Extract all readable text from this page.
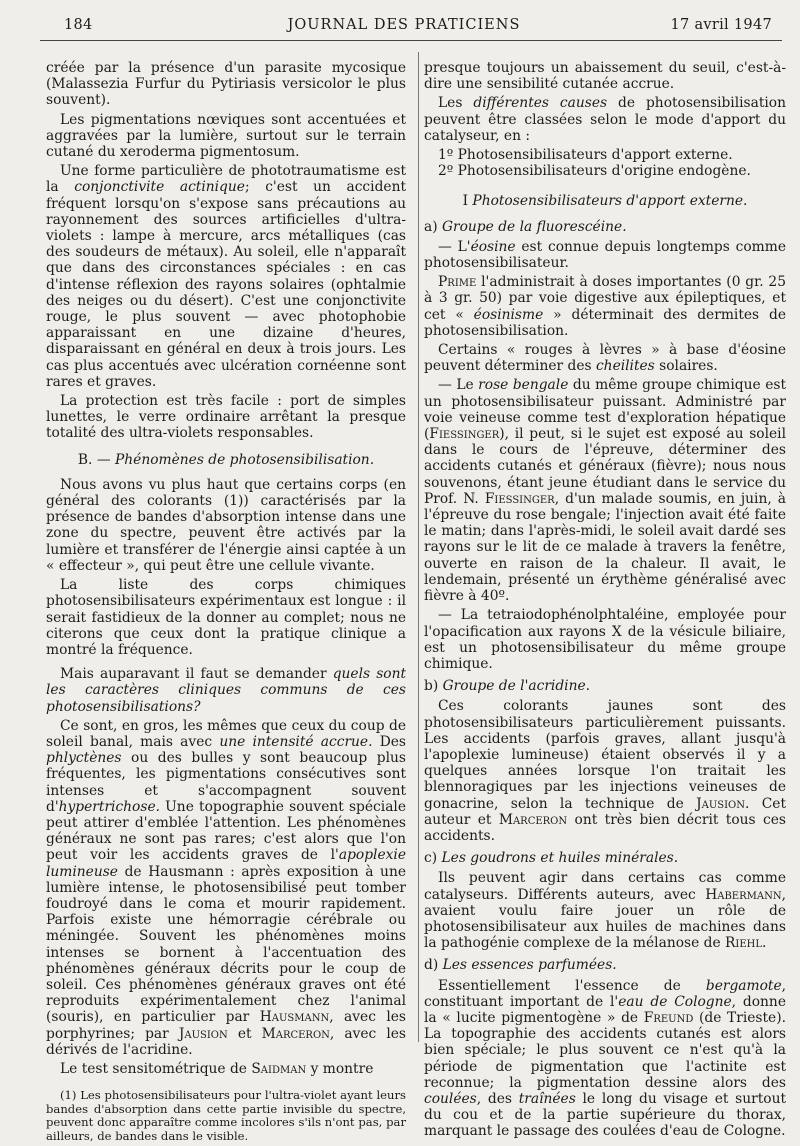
184	JOURNAL DES PRATICIENS	17 avril 1947

créée par la présence d'un parasite mycosique (Malassezia Furfur du Pytiriasis versicolor le plus souvent).

Les pigmentations nœviques sont accentuées et aggravées par la lumière, surtout sur le terrain cutané du xeroderma pigmentosum.

Une forme particulière de phototraumatisme est la conjonctivite actinique; c'est un accident fréquent lorsqu'on s'expose sans précautions au rayonnement des sources artificielles d'ultra-violets : lampe à mercure, arcs métalliques (cas des soudeurs de métaux). Au soleil, elle n'apparaît que dans des circonstances spéciales : en cas d'intense réflexion des rayons solaires (ophtalmie des neiges ou du désert). C'est une conjonctivite rouge, le plus souvent — avec photophobie apparaissant en une dizaine d'heures, disparaissant en général en deux à trois jours. Les cas plus accentués avec ulcération cornéenne sont rares et graves.

La protection est très facile : port de simples lunettes, le verre ordinaire arrêtant la presque totalité des ultra-violets responsables.

B. — Phénomènes de photosensibilisation.

Nous avons vu plus haut que certains corps (en général des colorants (1)) caractérisés par la présence de bandes d'absorption intense dans une zone du spectre, peuvent être activés par la lumière et transférer de l'énergie ainsi captée à un « effecteur », qui peut être une cellule vivante.

La liste des corps chimiques photosensibilisateurs expérimentaux est longue : il serait fastidieux de la donner au complet; nous ne citerons que ceux dont la pratique clinique a montré la fréquence.

Mais auparavant il faut se demander quels sont les caractères cliniques communs de ces photosensibilisations?

Ce sont, en gros, les mêmes que ceux du coup de soleil banal, mais avec une intensité accrue. Des phlyctènes ou des bulles y sont beaucoup plus fréquentes, les pigmentations consécutives sont intenses et s'accompagnent souvent d'hypertrichose. Une topographie souvent spéciale peut attirer d'emblée l'attention. Les phénomènes généraux ne sont pas rares; c'est alors que l'on peut voir les accidents graves de l'apoplexie lumineuse de Hausmann : après exposition à une lumière intense, le photosensibilisé peut tomber foudroyé dans le coma et mourir rapidement. Parfois existe une hémorragie cérébrale ou méningée. Souvent les phénomènes moins intenses se bornent à l'accentuation des phénomènes généraux décrits pour le coup de soleil. Ces phénomènes généraux graves ont été reproduits expérimentalement chez l'animal (souris), en particulier par Hausmann, avec les porphyrines; par Jausion et Marceron, avec les dérivés de l'acridine.

Le test sensitométrique de Saidman y montre

(1) Les photosensibilisateurs pour l'ultra-violet ayant leurs bandes d'absorption dans cette partie invisible du spectre, peuvent donc apparaître comme incolores s'ils n'ont pas, par ailleurs, de bandes dans le visible.

presque toujours un abaissement du seuil, c'est-à-dire une sensibilité cutanée accrue.

Les différentes causes de photosensibilisation peuvent être classées selon le mode d'apport du catalyseur, en :

1º Photosensibilisateurs d'apport externe.

2º Photosensibilisateurs d'origine endogène.

I Photosensibilisateurs d'apport externe.

a) Groupe de la fluorescéine.

— L'éosine est connue depuis longtemps comme photosensibilisateur.

Prime l'administrait à doses importantes (0 gr. 25 à 3 gr. 50) par voie digestive aux épileptiques, et cet « éosinisme » déterminait des dermites de photosensibilisation.

Certains « rouges à lèvres » à base d'éosine peuvent déterminer des cheilites solaires.

— Le rose bengale du même groupe chimique est un photosensibilisateur puissant. Administré par voie veineuse comme test d'exploration hépatique (Fiessinger), il peut, si le sujet est exposé au soleil dans le cours de l'épreuve, déterminer des accidents cutanés et généraux (fièvre); nous nous souvenons, étant jeune étudiant dans le service du Prof. N. Fiessinger, d'un malade soumis, en juin, à l'épreuve du rose bengale; l'injection avait été faite le matin; dans l'après-midi, le soleil avait dardé ses rayons sur le lit de ce malade à travers la fenêtre, ouverte en raison de la chaleur. Il avait, le lendemain, présenté un érythème généralisé avec fièvre à 40º.

— La tetraiodophénolphtaléine, employée pour l'opacification aux rayons X de la vésicule biliaire, est un photosensibilisateur du même groupe chimique.

b) Groupe de l'acridine.

Ces colorants jaunes sont des photosensibilisateurs particulièrement puissants. Les accidents (parfois graves, allant jusqu'à l'apoplexie lumineuse) étaient observés il y a quelques années lorsque l'on traitait les blennoragiques par les injections veineuses de gonacrine, selon la technique de Jausion. Cet auteur et Marceron ont très bien décrit tous ces accidents.

c) Les goudrons et huiles minérales.

Ils peuvent agir dans certains cas comme catalyseurs. Différents auteurs, avec Habermann, avaient voulu faire jouer un rôle de photosensibilisateur aux huiles de machines dans la pathogénie complexe de la mélanose de Riehl.

d) Les essences parfumées.

Essentiellement l'essence de bergamote, constituant important de l'eau de Cologne, donne la « lucite pigmentogène » de Freund (de Trieste). La topographie des accidents cutanés est alors bien spéciale; le plus souvent ce n'est qu'à la période de pigmentation que l'actinite est reconnue; la pigmentation dessine alors des coulées, des traînées le long du visage et surtout du cou et de la partie supérieure du thorax, marquant le passage des coulées d'eau de Cologne.
